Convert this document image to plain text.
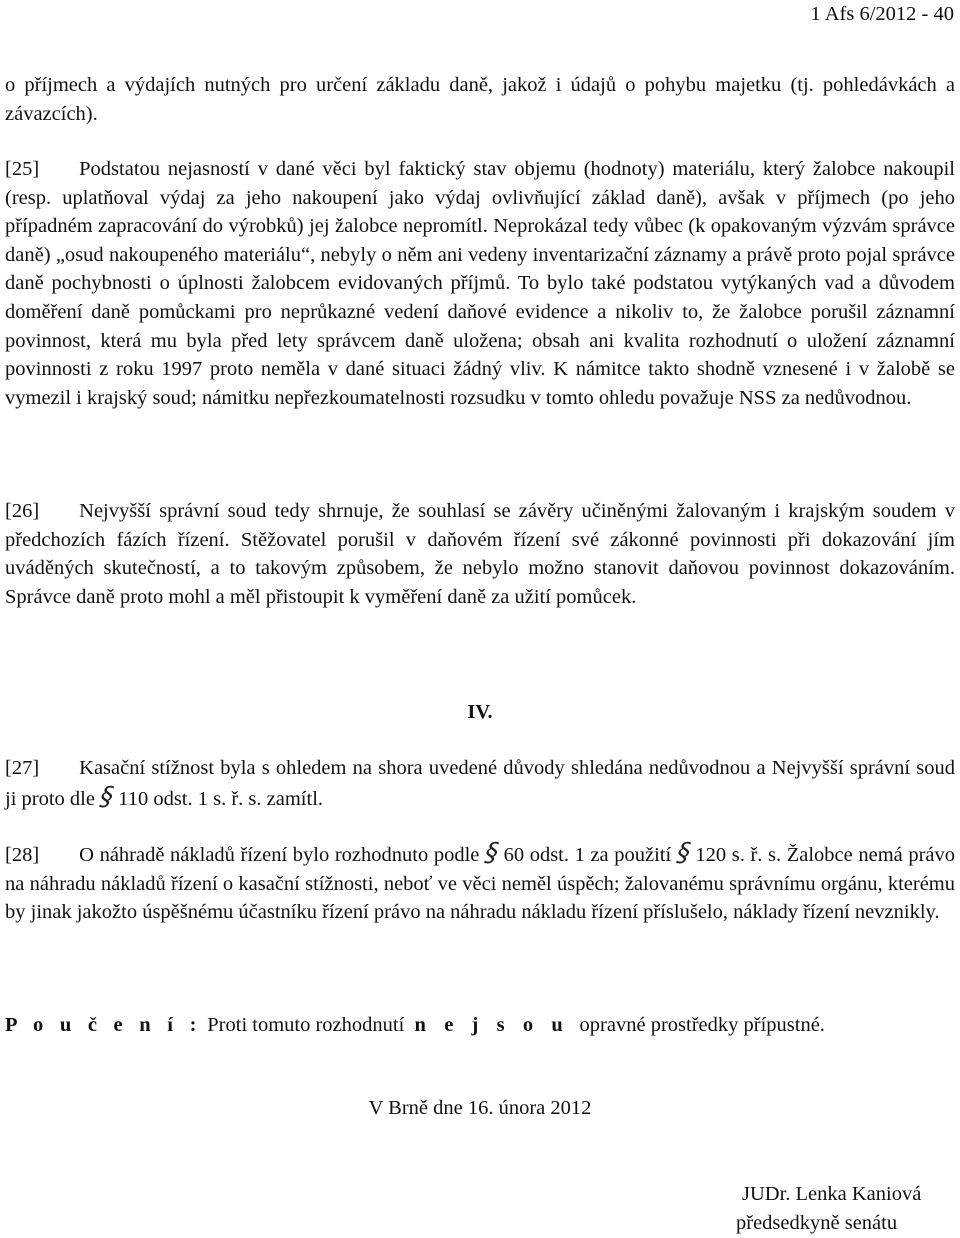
1 Afs 6/2012 - 40

o příjmech a výdajích nutných pro určení základu daně, jakož i údajů o pohybu majetku (tj. pohledávkách a závazcích).

[25] Podstatou nejasností v dané věci byl faktický stav objemu (hodnoty) materiálu, který žalobce nakoupil (resp. uplatňoval výdaj za jeho nakoupení jako výdaj ovlivňující základ daně), avšak v příjmech (po jeho případném zapracování do výrobků) jej žalobce nepromítl. Neprokázal tedy vůbec (k opakovaným výzvám správce daně) „osud nakoupeného materiálu“, nebyly o něm ani vedeny inventarizační záznamy a právě proto pojal správce daně pochybnosti o úplnosti žalobcem evidovaných příjmů. To bylo také podstatou vytýkaných vad a důvodem doměření daně pomůckami pro neprůkazné vedení daňové evidence a nikoliv to, že žalobce porušil záznamní povinnost, která mu byla před lety správcem daně uložena; obsah ani kvalita rozhodnutí o uložení záznamní povinnosti z roku 1997 proto neměla v dané situaci žádný vliv. K námitce takto shodně vznesené i v žalobě se vymezil i krajský soud; námitku nepřezkoumatelnosti rozsudku v tomto ohledu považuje NSS za nedůvodnou.

[26] Nejvyšší správní soud tedy shrnuje, že souhlasí se závěry učiněnými žalovaným i krajským soudem v předchozích fázích řízení. Stěžovatel porušil v daňovém řízení své zákonné povinnosti při dokazování jím uváděných skutečností, a to takovým způsobem, že nebylo možno stanovit daňovou povinnost dokazováním. Správce daně proto mohl a měl přistoupit k vyměření daně za užití pomůcek.

IV.

[27] Kasační stížnost byla s ohledem na shora uvedené důvody shledána nedůvodnou a Nejvyšší správní soud ji proto dle § 110 odst. 1 s. ř. s. zamítl.

[28] O náhradě nákladů řízení bylo rozhodnuto podle § 60 odst. 1 za použití § 120 s. ř. s. Žalobce nemá právo na náhradu nákladů řízení o kasační stížnosti, neboť ve věci neměl úspěch; žalovanému správnímu orgánu, kterému by jinak jakožto úspěšnému účastníku řízení právo na náhradu nákladu řízení příslušelo, náklady řízení nevznikly.

P o u č e n í : Proti tomuto rozhodnutí n e j s o u opravné prostředky přípustné.

V Brně dne 16. února 2012
JUDr. Lenka Kaniová
předsedkyně senátu
